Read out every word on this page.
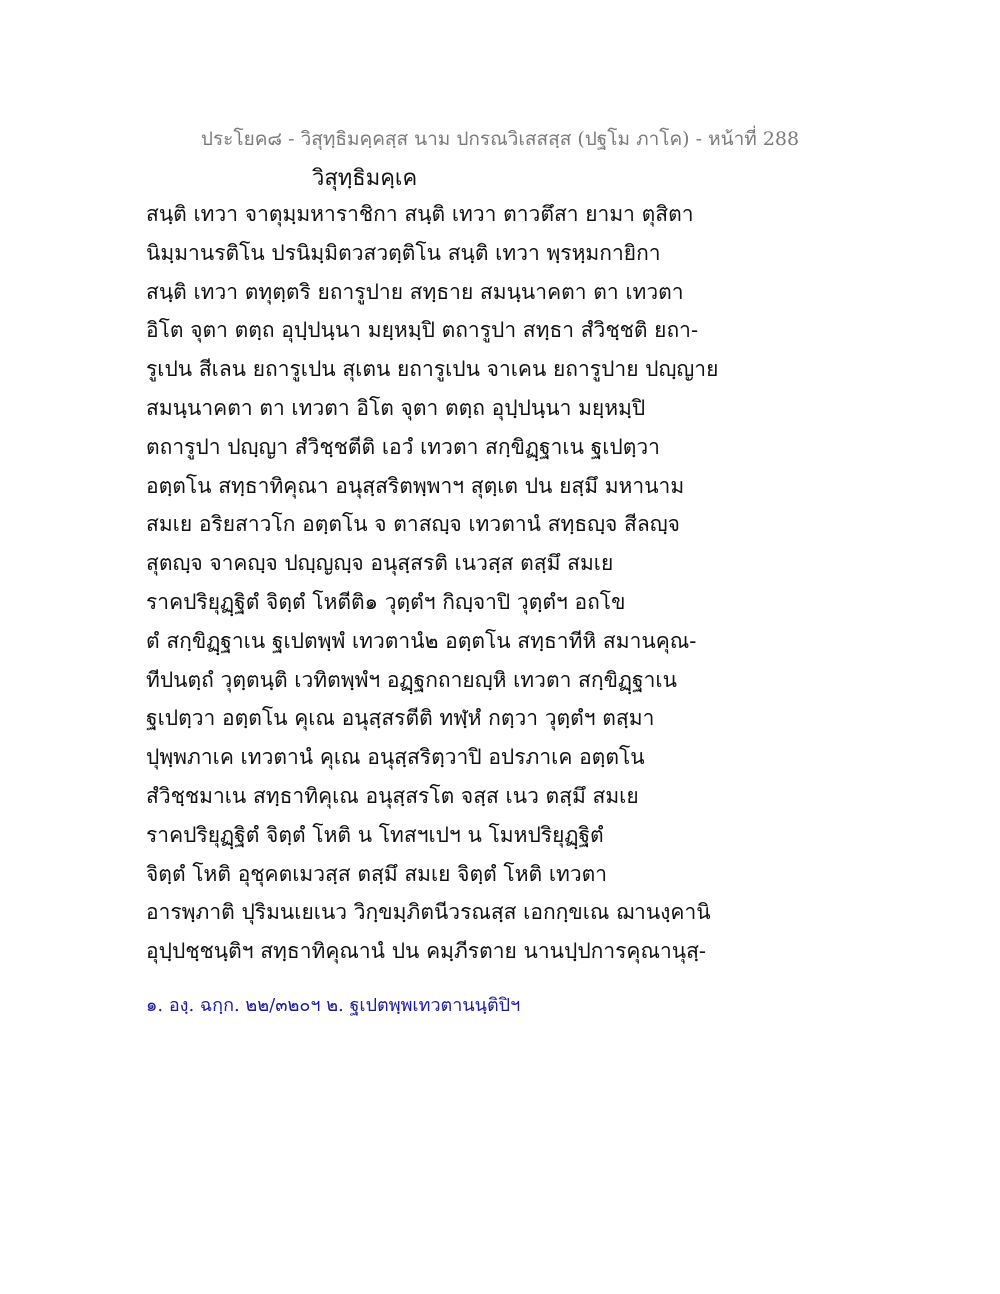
ประโยค๘ - วิสุทฺธิมคฺคสฺส นาม ปกรณวิเสสสฺส (ปฐโม ภาโค) - หน้าที่ 288
วิสุทฺธิมคฺเค
สนฺติ เทวา จาตุมฺมหาราชิกา สนฺติ เทวา ตาวตึสา ยามา ตุสิตา
นิมฺมานรติโน ปรนิมฺมิตวสวตฺติโน สนฺติ เทวา พฺรหฺมกายิกา
สนฺติ เทวา ตทุตฺตริ ยถารูปาย สทฺธาย สมนฺนาคตา ตา เทวตา
อิโต จุตา ตตฺถ อุปฺปนฺนา มยฺหมฺปิ ตถารูปา สทฺธา สํวิชฺชติ ยถา-
รูเปน สีเลน ยถารูเปน สุเตน ยถารูเปน จาเคน ยถารูปาย ปญฺญาย
สมนฺนาคตา ตา เทวตา อิโต จุตา ตตฺถ อุปฺปนฺนา มยฺหมฺปิ
ตถารูปา ปญฺญา สํวิชฺชตีติ เอวํ เทวตา สกฺขิฏฺฐาเน ฐเปตฺวา
อตฺตโน สทฺธาทิคุณา อนุสฺสริตพฺพาฯ สุตฺเต ปน ยสฺมึ มหานาม
สมเย อริยสาวโก อตฺตโน จ ตาสญฺจ เทวตานํ สทฺธญฺจ สีลญฺจ
สุตญฺจ จาคญฺจ ปญฺญญฺจ อนุสฺสรติ เนวสฺส ตสฺมึ สมเย
ราคปริยุฏฺฐิตํ จิตฺตํ โหตีติ๑ วุตฺตํฯ กิญฺจาปิ วุตฺตํฯ อถโข
ตํ สกฺขิฏฺฐาเน ฐเปตพฺพํ เทวตานํ๒ อตฺตโน สทฺธาทีหิ สมานคุณ-
ทีปนตฺถํ วุตฺตนฺติ เวทิตพฺพํฯ อฏฺฐกถายญฺหิ เทวตา สกฺขิฏฺฐาเน
ฐเปตฺวา อตฺตโน คุเณ อนุสฺสรตีติ ทฬฺหํ กตฺวา วุตฺตํฯ ตสฺมา
ปุพฺพภาเค เทวตานํ คุเณ อนุสฺสริตฺวาปิ อปรภาเค อตฺตโน
สํวิชฺชมาเน สทฺธาทิคุเณ อนุสฺสรโต จสฺส เนว ตสฺมึ สมเย
ราคปริยุฏฺฐิตํ จิตฺตํ โหติ น โทสฯเปฯ น โมหปริยุฏฺฐิตํ
จิตฺตํ โหติ อุชุคตเมวสฺส ตสฺมึ สมเย จิตฺตํ โหติ เทวตา
อารพฺภาติ ปุริมนเยเนว วิกฺขมฺภิตนีวรณสฺส เอกกฺขเณ ฌานงฺคานิ
อุปฺปชฺชนฺติฯ สทฺธาทิคุณานํ ปน คมฺภีรตาย นานปฺปการคุณานุสฺ-
๑. องฺ. ฉกฺก. ๒๒/๓๒๐ฯ ๒. ฐเปตพฺพเทวตานนฺติปิฯ
